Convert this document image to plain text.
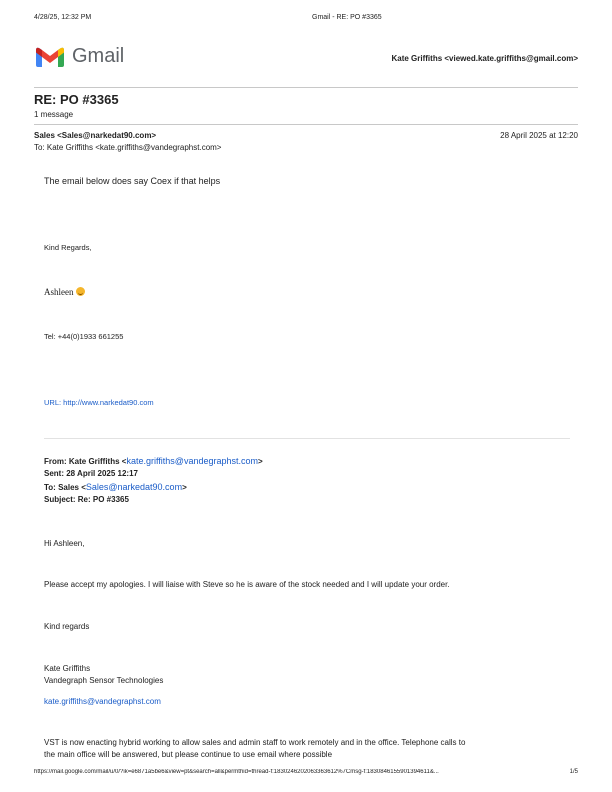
4/28/25, 12:32 PM	Gmail - RE: PO #3365
Gmail	Kate Griffiths <viewed.kate.griffiths@gmail.com>
RE: PO #3365
1 message
Sales <Sales@narkedat90.com>	28 April 2025 at 12:20
To: Kate Griffiths <kate.griffiths@vandegraphst.com>
The email below does say Coex if that helps
Kind Regards,
Ashleen
Tel: +44(0)1933 661255
URL: http://www.narkedat90.com
From: Kate Griffiths <kate.griffiths@vandegraphst.com>
Sent: 28 April 2025 12:17
To: Sales <Sales@narkedat90.com>
Subject: Re: PO #3365
Hi Ashleen,
Please accept my apologies. I will liaise with Steve so he is aware of the stock needed and I will update your order.
Kind regards
Kate Griffiths
Vandegraph Sensor Technologies
kate.griffiths@vandegraphst.com
VST is now enacting hybrid working to allow sales and admin staff to work remotely and in the office. Telephone calls to
the main office will be answered, but please continue to use email where possible
https://mail.google.com/mail/u/0/?ik=e6871a5be6&view=pt&search=all&permthid=thread-f:1830246202063363612%7Cmsg-f:1830846155901394611&...	1/5
